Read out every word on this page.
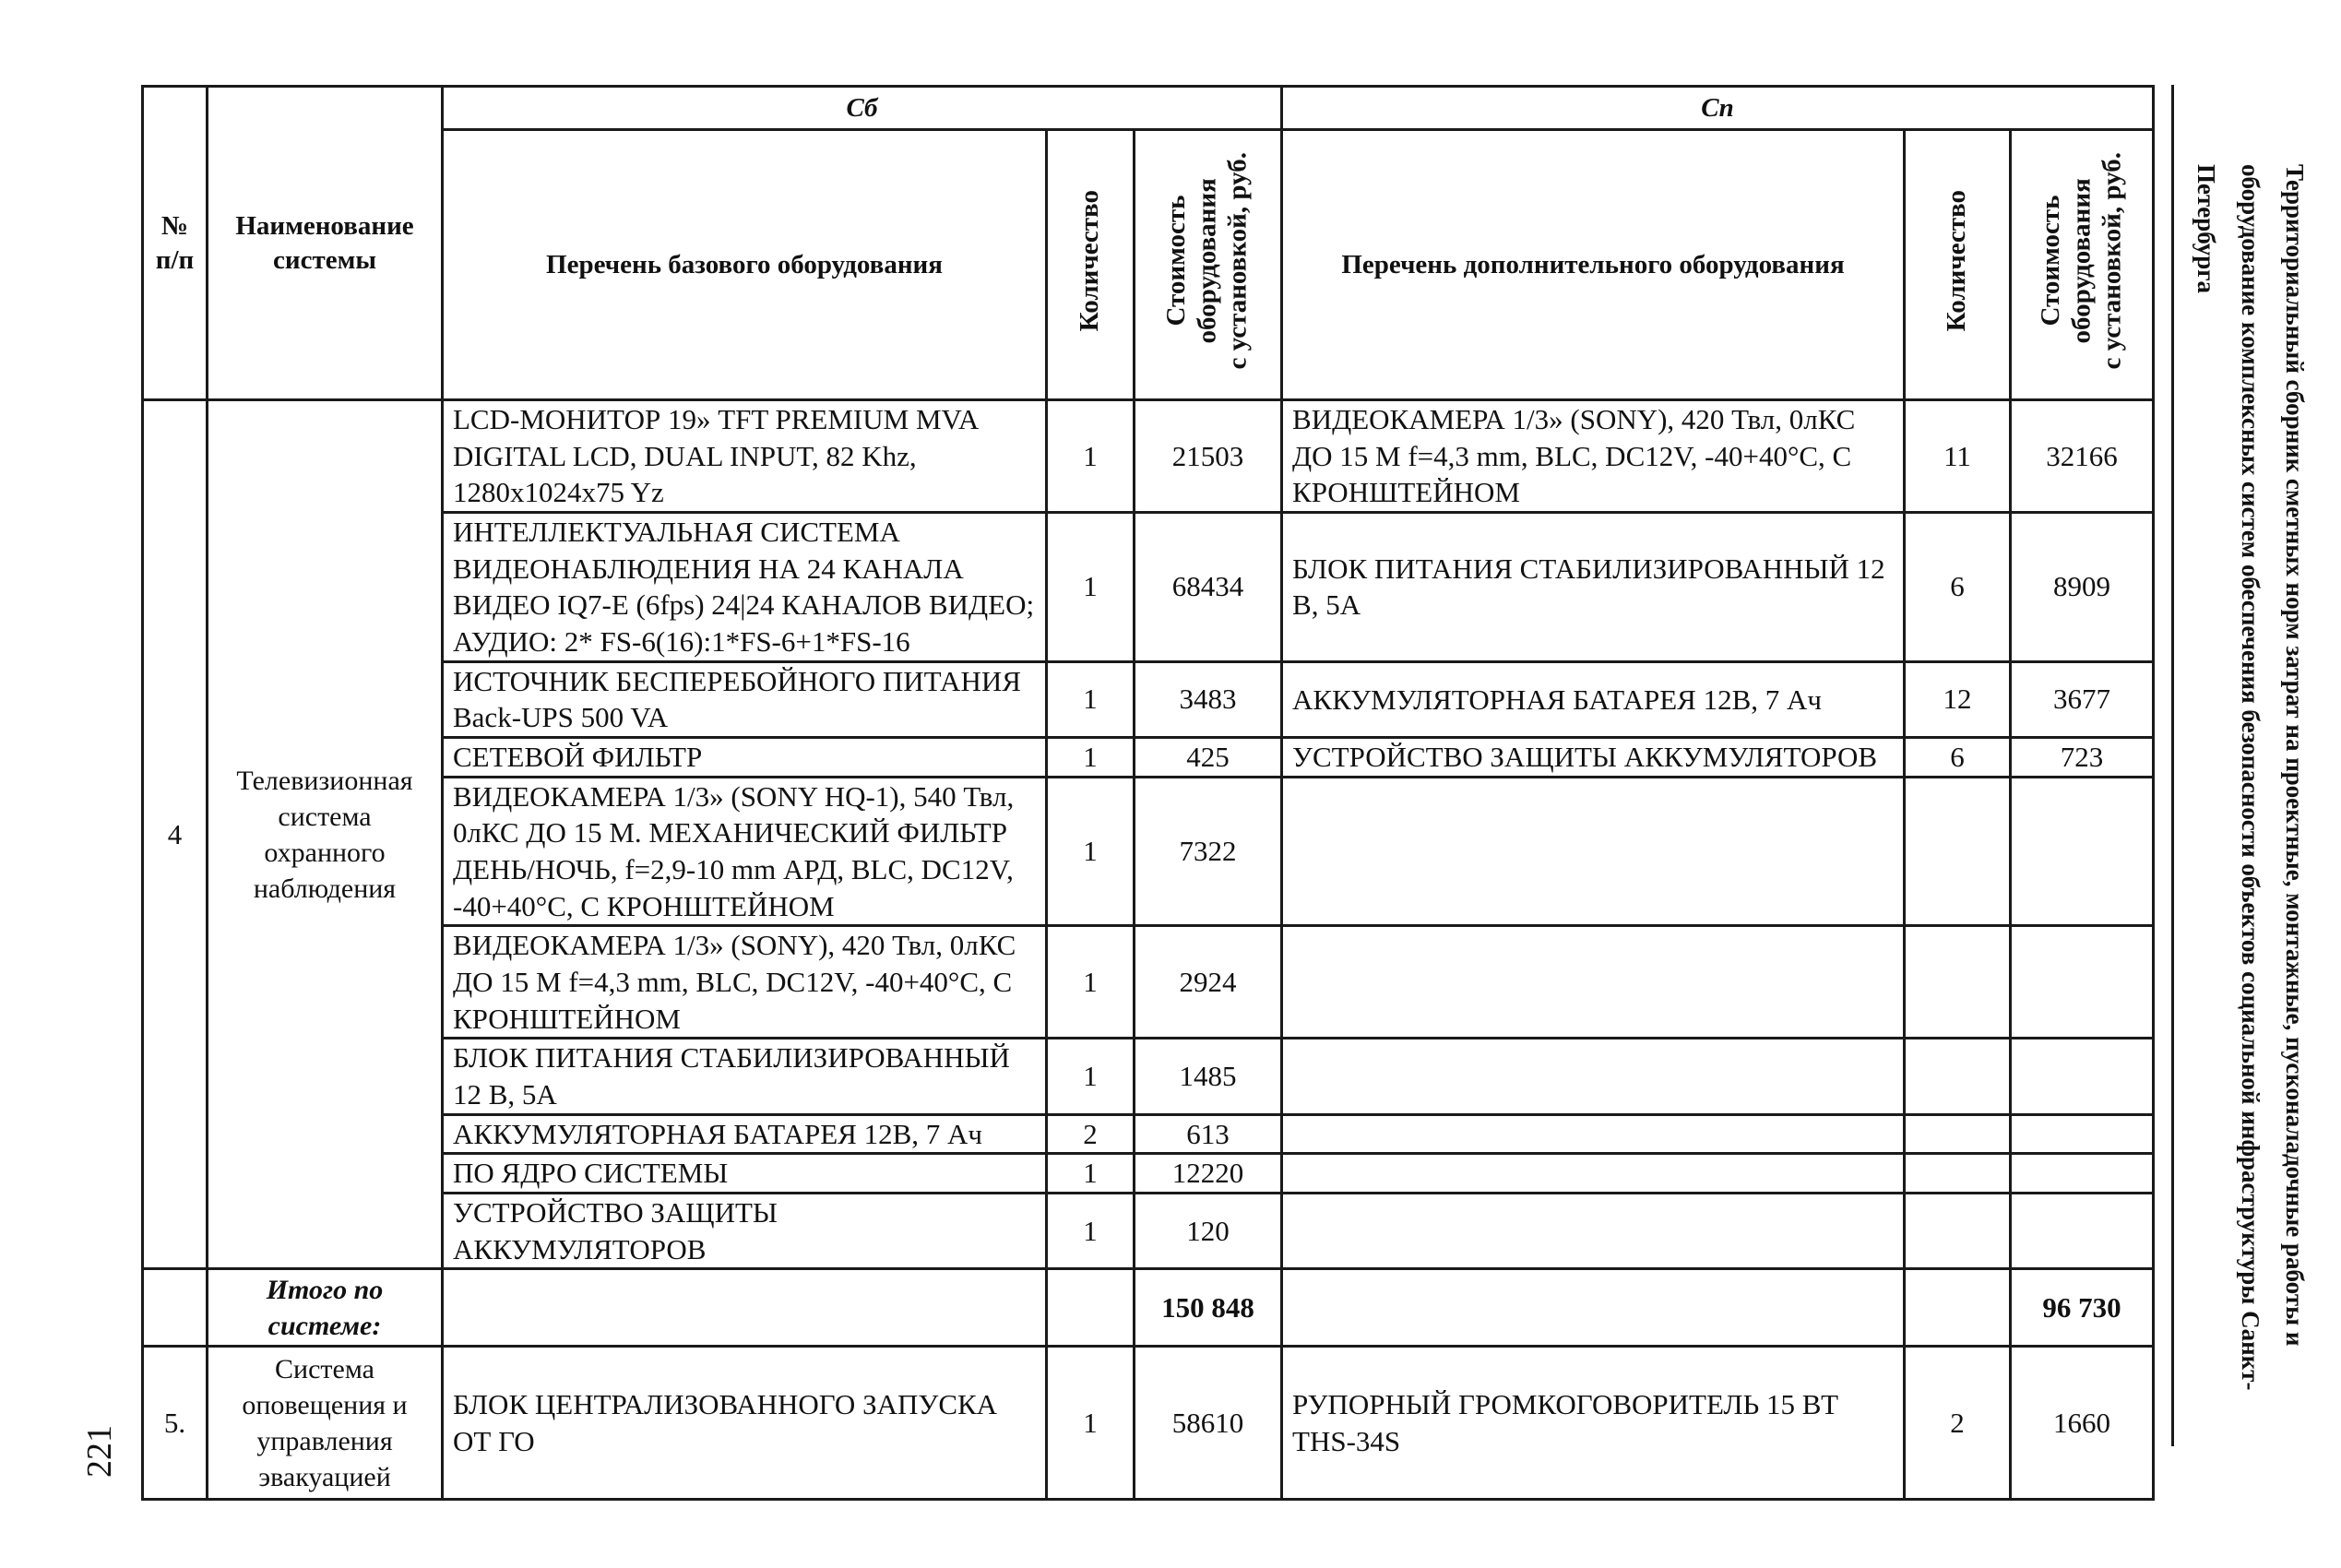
№ п/п	Наименование системы	Сб			Сп		
		Перечень базового оборудования	Количество	Стоимость
оборудования
с установкой, руб.	Перечень дополнительного оборудования	Количество	Стоимость
оборудования
с установкой, руб.
4	Телевизионная система охранного наблюдения	LCD-МОНИТОР 19» TFT PREMIUM MVA DIGITAL LCD, DUAL INPUT, 82 Khz, 1280x1024x75 Yz	1	21503	ВИДЕОКАМЕРА 1/3» (SONY), 420 Твл, 0лКС ДО 15 М f=4,3 mm, BLC, DC12V, -40+40°C, С КРОНШТЕЙНОМ	11	32166
		ИНТЕЛЛЕКТУАЛЬНАЯ СИСТЕМА ВИДЕОНАБЛЮДЕНИЯ НА 24 КАНАЛА ВИДЕО IQ7-E (6fps) 24|24 КАНАЛОВ ВИДЕО; АУДИО: 2* FS-6(16):1*FS-6+1*FS-16	1	68434	БЛОК ПИТАНИЯ СТАБИЛИЗИРОВАННЫЙ 12 В, 5А	6	8909
		ИСТОЧНИК БЕСПЕРЕБОЙНОГО ПИТАНИЯ Back-UPS 500 VA	1	3483	АККУМУЛЯТОРНАЯ БАТАРЕЯ 12В, 7 Ач	12	3677
		СЕТЕВОЙ ФИЛЬТР	1	425	УСТРОЙСТВО ЗАЩИТЫ АККУМУЛЯТОРОВ	6	723
		ВИДЕОКАМЕРА 1/3» (SONY HQ-1), 540 Твл, 0лКС ДО 15 М. МЕХАНИЧЕСКИЙ ФИЛЬТР ДЕНЬ/НОЧЬ, f=2,9-10 mm АРД, BLC, DC12V, -40+40°C, С КРОНШТЕЙНОМ	1	7322			
		ВИДЕОКАМЕРА 1/3» (SONY), 420 Твл, 0лКС ДО 15 М f=4,3 mm, BLC, DC12V, -40+40°C, С КРОНШТЕЙНОМ	1	2924			
		БЛОК ПИТАНИЯ СТАБИЛИЗИРОВАННЫЙ 12 В, 5А	1	1485			
		АККУМУЛЯТОРНАЯ БАТАРЕЯ 12В, 7 Ач	2	613			
		ПО ЯДРО СИСТЕМЫ	1	12220			
		УСТРОЙСТВО ЗАЩИТЫ АККУМУЛЯТОРОВ	1	120			
	Итого по системе:			150 848			96 730
5.	Система оповещения и управления эвакуацией	БЛОК ЦЕНТРАЛИЗОВАННОГО ЗАПУСКА ОТ ГО	1	58610	РУПОРНЫЙ ГРОМКОГОВОРИТЕЛЬ 15 ВТ THS-34S	2	1660
Территориальный сборник сметных норм затрат на проектные, монтажные, пусконаладочные работы и оборудование комплексных систем обеспечения безопасности объектов социальной инфраструктуры Санкт-Петербурга
221
